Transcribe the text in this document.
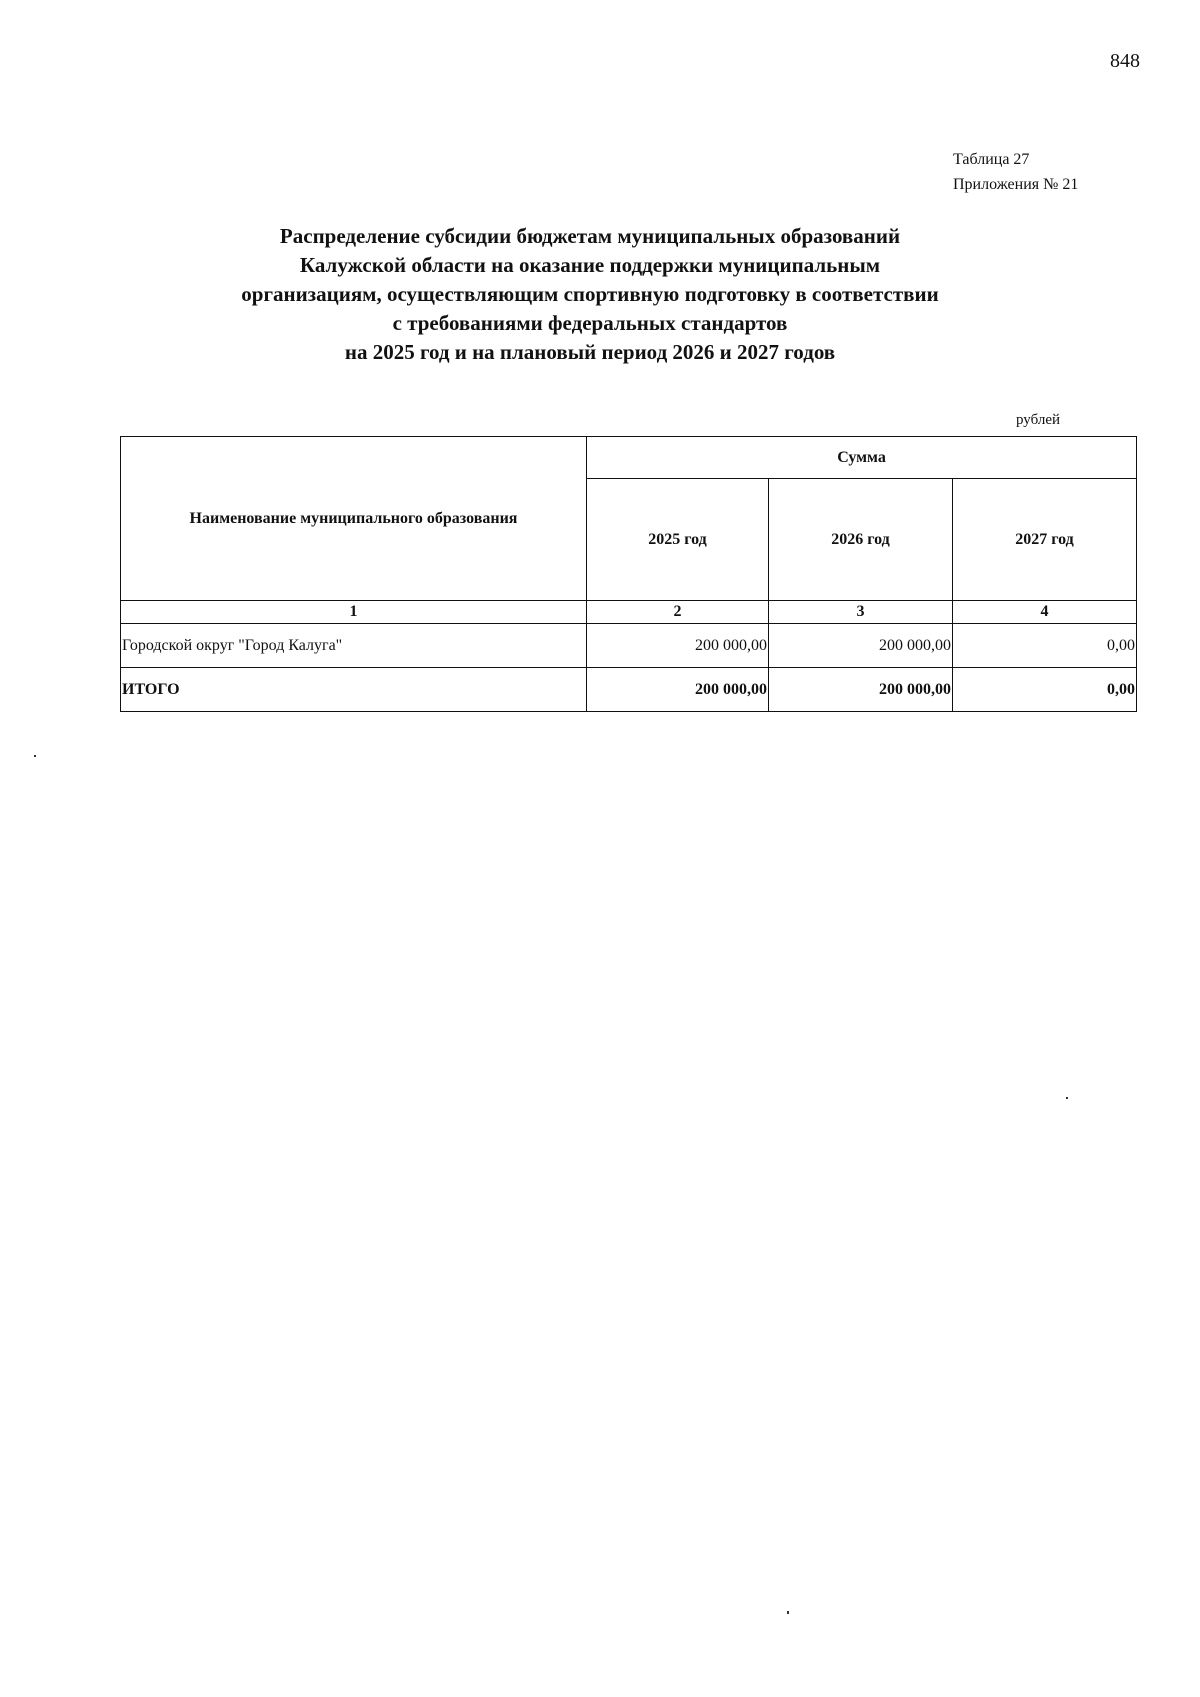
848
Таблица 27
Приложения № 21
Распределение субсидии бюджетам муниципальных образований
Калужской области на оказание поддержки муниципальным
организациям, осуществляющим спортивную подготовку в соответствии
с требованиями федеральных стандартов
на 2025 год и на плановый период 2026 и 2027 годов
рублей
Наименование муниципального образования	Сумма		
	2025 год	2026 год	2027 год
1	2	3	4
Городской округ "Город Калуга"	200 000,00	200 000,00	0,00
ИТОГО	200 000,00	200 000,00	0,00
